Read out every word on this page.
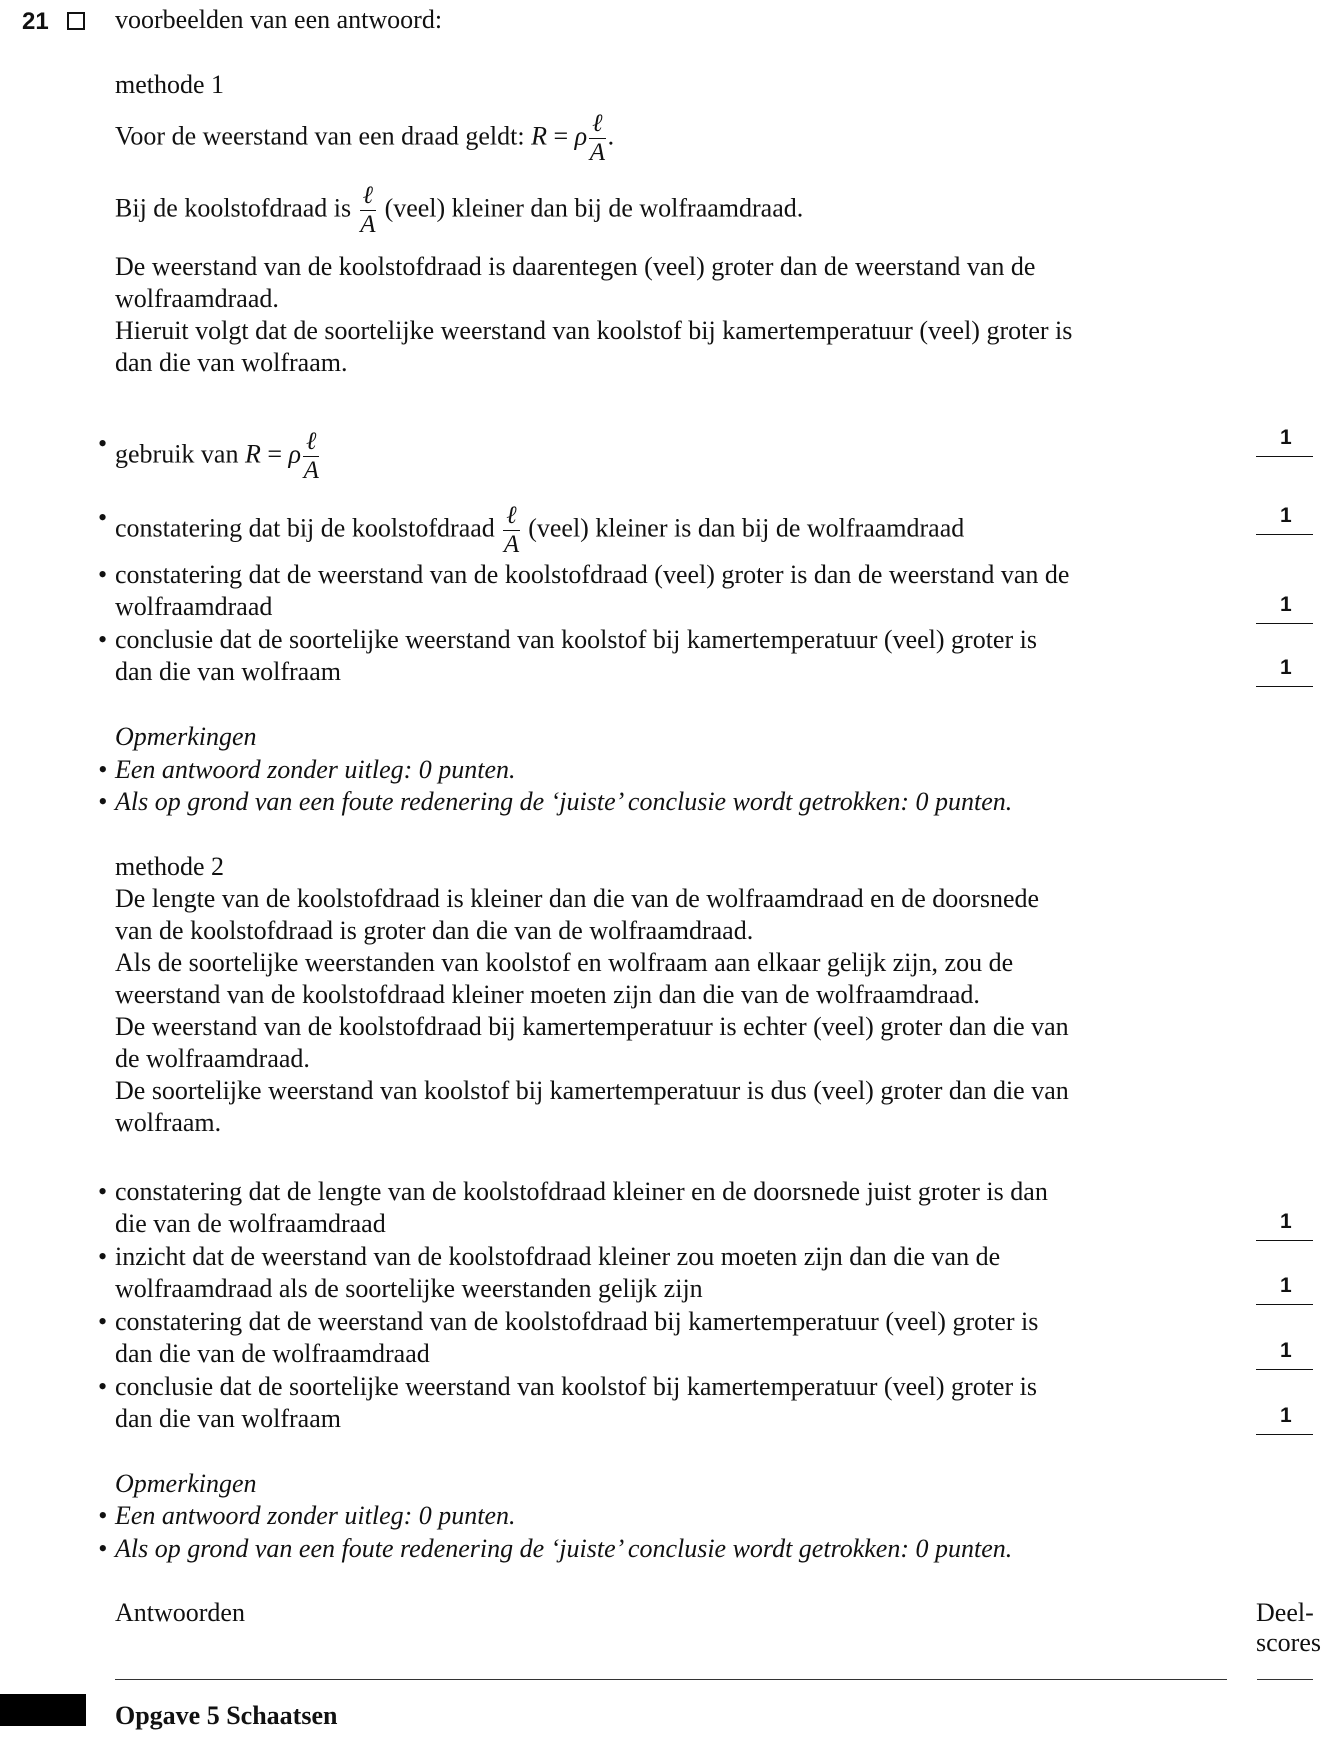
21	voorbeelden van een antwoord:
methode 1
Voor de weerstand van een draad geldt: R = ρ $\frac{\text{ℓ}}{A}$ .
Bij de koolstofdraad is $\frac{\text{ℓ}}{A}$ (veel) kleiner dan bij de wolfraamdraad.
De weerstand van de koolstofdraad is daarentegen (veel) groter dan de weerstand van de
wolfraamdraad.
Hieruit volgt dat de soortelijke weerstand van koolstof bij kamertemperatuur (veel) groter is
dan die van wolfraam.
• gebruik van R = ρ $\frac{\text{ℓ}}{A}$	1
• constatering dat bij de koolstofdraad $\frac{\text{ℓ}}{A}$ (veel) kleiner is dan bij de wolfraamdraad	1
• constatering dat de weerstand van de koolstofdraad (veel) groter is dan de weerstand van de
wolfraamdraad	1
• conclusie dat de soortelijke weerstand van koolstof bij kamertemperatuur (veel) groter is
dan die van wolfraam	1
Opmerkingen
• Een antwoord zonder uitleg: 0 punten.
• Als op grond van een foute redenering de ‘juiste’ conclusie wordt getrokken: 0 punten.
methode 2
De lengte van de koolstofdraad is kleiner dan die van de wolfraamdraad en de doorsnede
van de koolstofdraad is groter dan die van de wolfraamdraad.
Als de soortelijke weerstanden van koolstof en wolfraam aan elkaar gelijk zijn, zou de
weerstand van de koolstofdraad kleiner moeten zijn dan die van de wolfraamdraad.
De weerstand van de koolstofdraad bij kamertemperatuur is echter (veel) groter dan die van
de wolfraamdraad.
De soortelijke weerstand van koolstof bij kamertemperatuur is dus (veel) groter dan die van
wolfraam.
• constatering dat de lengte van de koolstofdraad kleiner en de doorsnede juist groter is dan
die van de wolfraamdraad	1
• inzicht dat de weerstand van de koolstofdraad kleiner zou moeten zijn dan die van de
wolfraamdraad als de soortelijke weerstanden gelijk zijn	1
• constatering dat de weerstand van de koolstofdraad bij kamertemperatuur (veel) groter is
dan die van de wolfraamdraad	1
• conclusie dat de soortelijke weerstand van koolstof bij kamertemperatuur (veel) groter is
dan die van wolfraam	1
Opmerkingen
• Een antwoord zonder uitleg: 0 punten.
• Als op grond van een foute redenering de ‘juiste’ conclusie wordt getrokken: 0 punten.
Antwoorden	Deel-
scores
Opgave 5 Schaatsen
